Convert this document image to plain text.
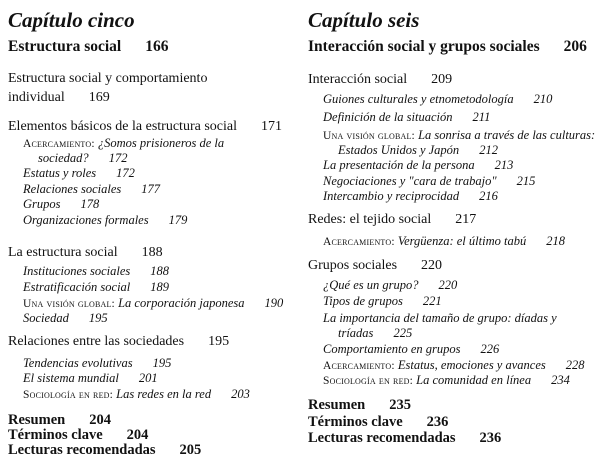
Capítulo cinco
Estructura social 166
Estructura social y comportamiento
individual 169
Elementos básicos de la estructura social 171
Acercamiento: ¿Somos prisioneros de la
sociedad? 172
Estatus y roles 172
Relaciones sociales 177
Grupos 178
Organizaciones formales 179
La estructura social 188
Instituciones sociales 188
Estratificación social 189
Una visión global: La corporación japonesa 190
Sociedad 195
Relaciones entre las sociedades 195
Tendencias evolutivas 195
El sistema mundial 201
Sociología en red: Las redes en la red 203
Resumen 204
Términos clave 204
Lecturas recomendadas 205
Capítulo seis
Interacción social y grupos sociales 206
Interacción social 209
Guiones culturales y etnometodología 210
Definición de la situación 211
Una visión global: La sonrisa a través de las culturas:
Estados Unidos y Japón 212
La presentación de la persona 213
Negociaciones y "cara de trabajo" 215
Intercambio y reciprocidad 216
Redes: el tejido social 217
Acercamiento: Vergüenza: el último tabú 218
Grupos sociales 220
¿Qué es un grupo? 220
Tipos de grupos 221
La importancia del tamaño de grupo: díadas y
tríadas 225
Comportamiento en grupos 226
Acercamiento: Estatus, emociones y avances 228
Sociología en red: La comunidad en línea 234
Resumen 235
Términos clave 236
Lecturas recomendadas 236
